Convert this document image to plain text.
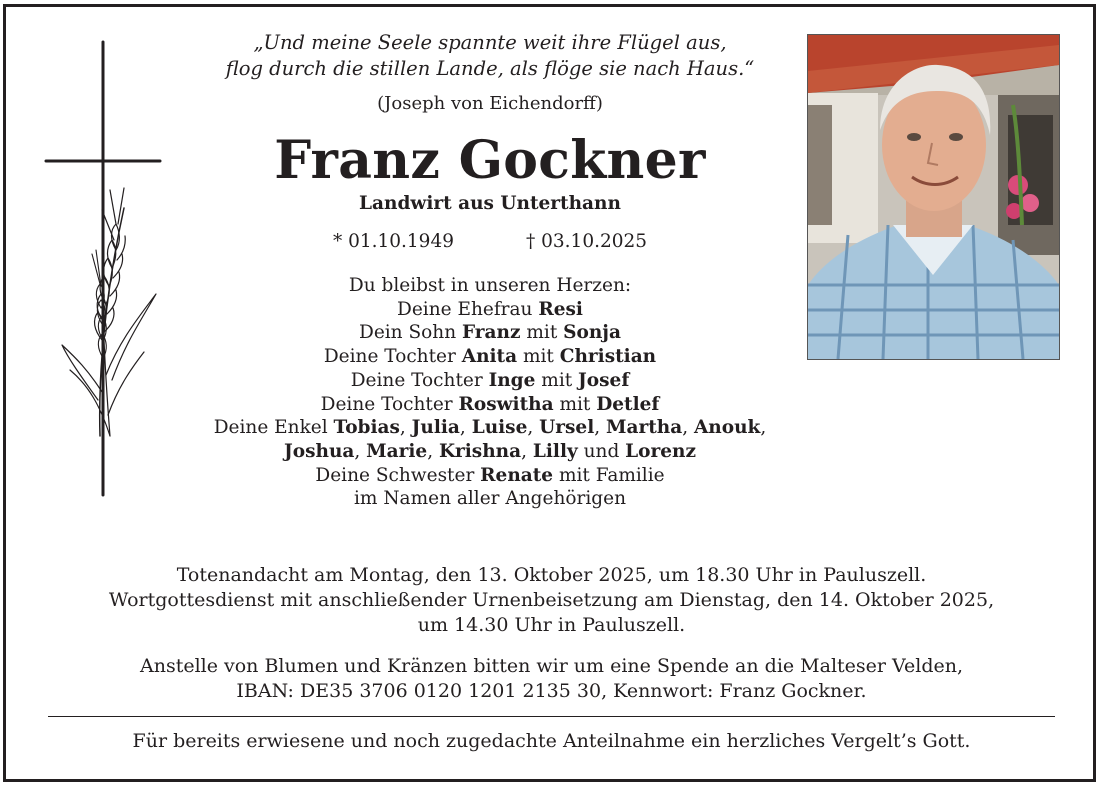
„Und meine Seele spannte weit ihre Flügel aus,
flog durch die stillen Lande, als flöge sie nach Haus.“
(Joseph von Eichendorff)
Franz Gockner
Landwirt aus Unterthann
* 01.10.1949	† 03.10.2025
Du bleibst in unseren Herzen:
Deine Ehefrau Resi
Dein Sohn Franz mit Sonja
Deine Tochter Anita mit Christian
Deine Tochter Inge mit Josef
Deine Tochter Roswitha mit Detlef
Deine Enkel Tobias, Julia, Luise, Ursel, Martha, Anouk,
Joshua, Marie, Krishna, Lilly und Lorenz
Deine Schwester Renate mit Familie
im Namen aller Angehörigen
Totenandacht am Montag, den 13. Oktober 2025, um 18.30 Uhr in Pauluszell.
Wortgottesdienst mit anschließender Urnenbeisetzung am Dienstag, den 14. Oktober 2025,
um 14.30 Uhr in Pauluszell.
Anstelle von Blumen und Kränzen bitten wir um eine Spende an die Malteser Velden,
IBAN: DE35 3706 0120 1201 2135 30, Kennwort: Franz Gockner.
Für bereits erwiesene und noch zugedachte Anteilnahme ein herzliches Vergelt’s Gott.
